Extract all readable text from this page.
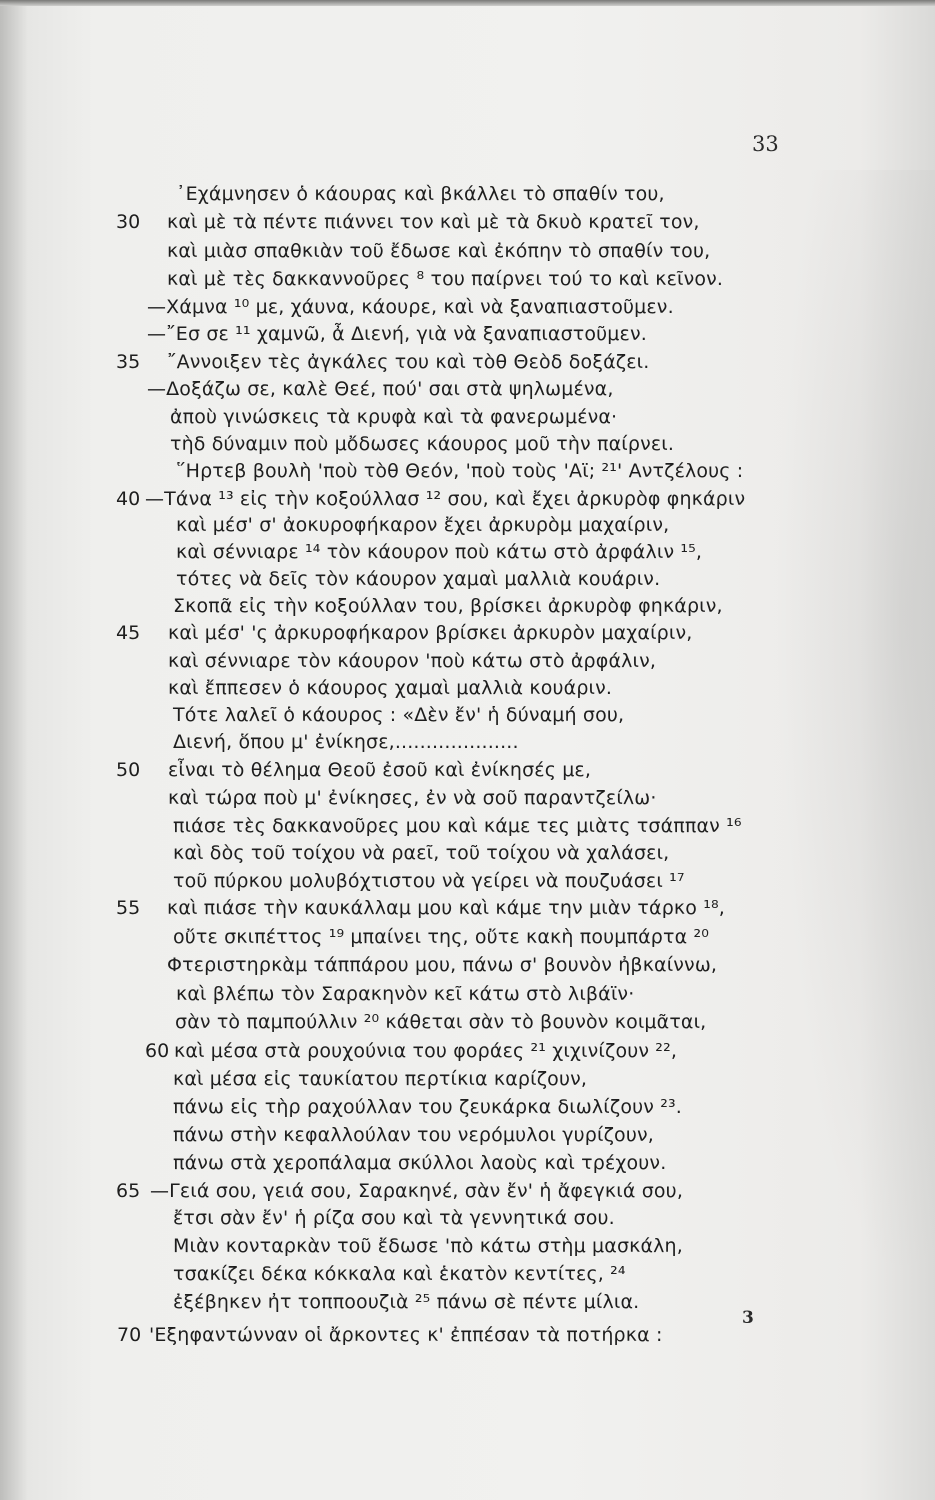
33
᾿Εχάμνησεν ὁ κάουρας καὶ βκάλλει τὸ σπαθίν του,
30 καὶ μὲ τὰ πέντε πιάννει τον καὶ μὲ τὰ δκυὸ κρατεῖ τον,
καὶ μιὰσ σπαθκιὰν τοῦ ἔδωσε καὶ ἐκόπην τὸ σπαθίν του,
καὶ μὲ τὲς δακκαννοῦρες ⁸ του παίρνει τού το καὶ κεῖνον.
—Χάμνα ¹⁰ με, χάυνα, κάουρε, καὶ νὰ ξαναπιαστοῦμεν.
—῎Εσ σε ¹¹ χαμνῶ, ἆ Διενή, γιὰ νὰ ξαναπιαστοῦμεν.
35 ῎Αννοιξεν τὲς ἀγκάλες του καὶ τὸθ Θεὸδ δοξάζει.
—Δοξάζω σε, καλὲ Θεέ, πού' σαι στὰ ψηλωμένα,
ἀποὺ γινώσκεις τὰ κρυφὰ καὶ τὰ φανερωμένα·
τὴδ δύναμιν ποὺ μὄδωσες κάουρος μοῦ τὴν παίρνει.
῞Ηρτεβ βουλὴ 'ποὺ τὸθ Θεόν, 'ποὺ τοὺς 'Αϊ; ²¹' Αντζέλους :
40 —Τάνα ¹³ εἰς τὴν κοξούλλασ ¹² σου, καὶ ἔχει ἀρκυρὸφ φηκάριν
καὶ μέσ' σ' ἀοκυροφήκαρον ἔχει ἀρκυρὸμ μαχαίριν,
καὶ σέννιαρε ¹⁴ τὸν κάουρον ποὺ κάτω στὸ ἀρφάλιν ¹⁵,
τότες νὰ δεῖς τὸν κάουρον χαμαὶ μαλλιὰ κουάριν.
Σκοπᾶ εἰς τὴν κοξούλλαν του, βρίσκει ἀρκυρὸφ φηκάριν,
45 καὶ μέσ' 'ς ἀρκυροφήκαρον βρίσκει ἀρκυρὸν μαχαίριν,
καὶ σέννιαρε τὸν κάουρον 'ποὺ κάτω στὸ ἀρφάλιν,
καὶ ἔππεσεν ὁ κάουρος χαμαὶ μαλλιὰ κουάριν.
Τότε λαλεῖ ὁ κάουρος : «Δὲν ἔν' ἡ δύναμή σου,
Διενή, ὅπου μ' ἐνίκησε,....................
50 εἶναι τὸ θέλημα Θεοῦ ἐσοῦ καὶ ἐνίκησές με,
καὶ τώρα ποὺ μ' ἐνίκησες, ἐν νὰ σοῦ παραντζείλω·
πιάσε τὲς δακκανοῦρες μου καὶ κάμε τες μιὰτς τσάππαν ¹⁶
καὶ δὸς τοῦ τοίχου νὰ ραεῖ, τοῦ τοίχου νὰ χαλάσει,
τοῦ πύρκου μολυβόχτιστου νὰ γείρει νὰ πουζυάσει ¹⁷
55 καὶ πιάσε τὴν καυκάλλαμ μου καὶ κάμε την μιὰν τάρκο ¹⁸,
οὔτε σκιπέττος ¹⁹ μπαίνει της, οὔτε κακὴ πουμπάρτα ²⁰
Φτεριστηρκὰμ τάππάρου μου, πάνω σ' βουνὸν ἠβκαίννω,
καὶ βλέπω τὸν Σαρακηνὸν κεῖ κάτω στὸ λιβάϊν·
σὰν τὸ παμπούλλιν ²⁰ κάθεται σὰν τὸ βουνὸν κοιμᾶται,
60 καὶ μέσα στὰ ρουχούνια του φοράες ²¹ χιχινίζουν ²²,
καὶ μέσα εἰς ταυκίατου περτίκια καρίζουν,
πάνω εἰς τὴρ ραχούλλαν του ζευκάρκα διωλίζουν ²³.
πάνω στὴν κεφαλλούλαν του νερόμυλοι γυρίζουν,
πάνω στὰ χεροπάλαμα σκύλλοι λαοὺς καὶ τρέχουν.
65 —Γειά σου, γειά σου, Σαρακηνέ, σὰν ἔν' ἡ ἄφεγκιά σου,
ἔτσι σὰν ἔν' ἡ ρίζα σου καὶ τὰ γεννητικά σου.
Μιὰν κονταρκὰν τοῦ ἔδωσε 'πὸ κάτω στὴμ μασκάλη,
τσακίζει δέκα κόκκαλα καὶ ἑκατὸν κεντίτες, ²⁴
ἐξέβηκεν ἠτ τοπποουζιὰ ²⁵ πάνω σὲ πέντε μίλια.
70 'Εξηφαντώνναν οἱ ἄρκοντες κ' ἐππέσαν τὰ ποτήρκα :
3
